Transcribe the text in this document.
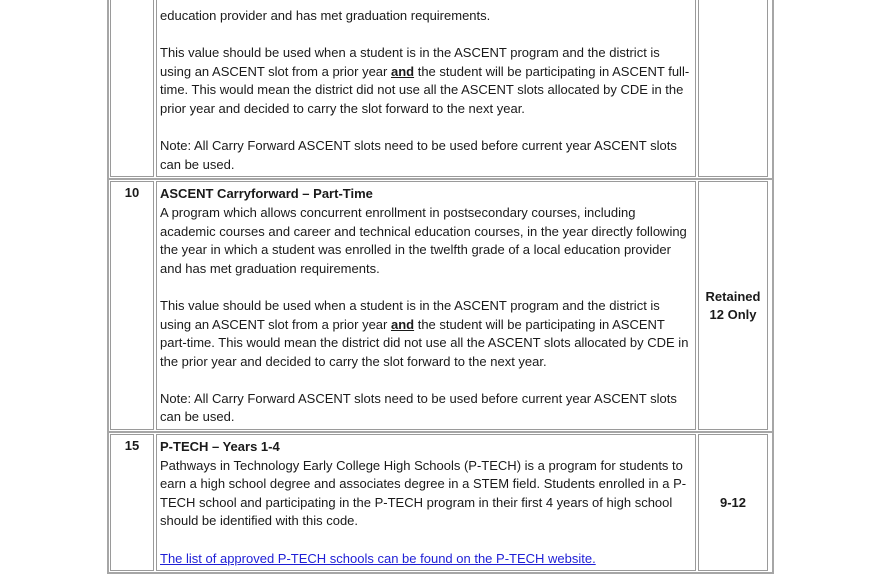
education provider and has met graduation requirements.
This value should be used when a student is in the ASCENT program and the district is using an ASCENT slot from a prior year and the student will be participating in ASCENT full-time. This would mean the district did not use all the ASCENT slots allocated by CDE in the prior year and decided to carry the slot forward to the next year.
Note: All Carry Forward ASCENT slots need to be used before current year ASCENT slots can be used.
10	ASCENT Carryforward – Part-Time
A program which allows concurrent enrollment in postsecondary courses, including academic courses and career and technical education courses, in the year directly following the year in which a student was enrolled in the twelfth grade of a local education provider and has met graduation requirements.
This value should be used when a student is in the ASCENT program and the district is using an ASCENT slot from a prior year and the student will be participating in ASCENT part-time. This would mean the district did not use all the ASCENT slots allocated by CDE in the prior year and decided to carry the slot forward to the next year.
Note: All Carry Forward ASCENT slots need to be used before current year ASCENT slots can be used.
Retained
12 Only
15	P-TECH – Years 1-4
Pathways in Technology Early College High Schools (P-TECH) is a program for students to earn a high school degree and associates degree in a STEM field. Students enrolled in a P-TECH school and participating in the P-TECH program in their first 4 years of high school should be identified with this code.
The list of approved P-TECH schools can be found on the P-TECH website.
9-12
